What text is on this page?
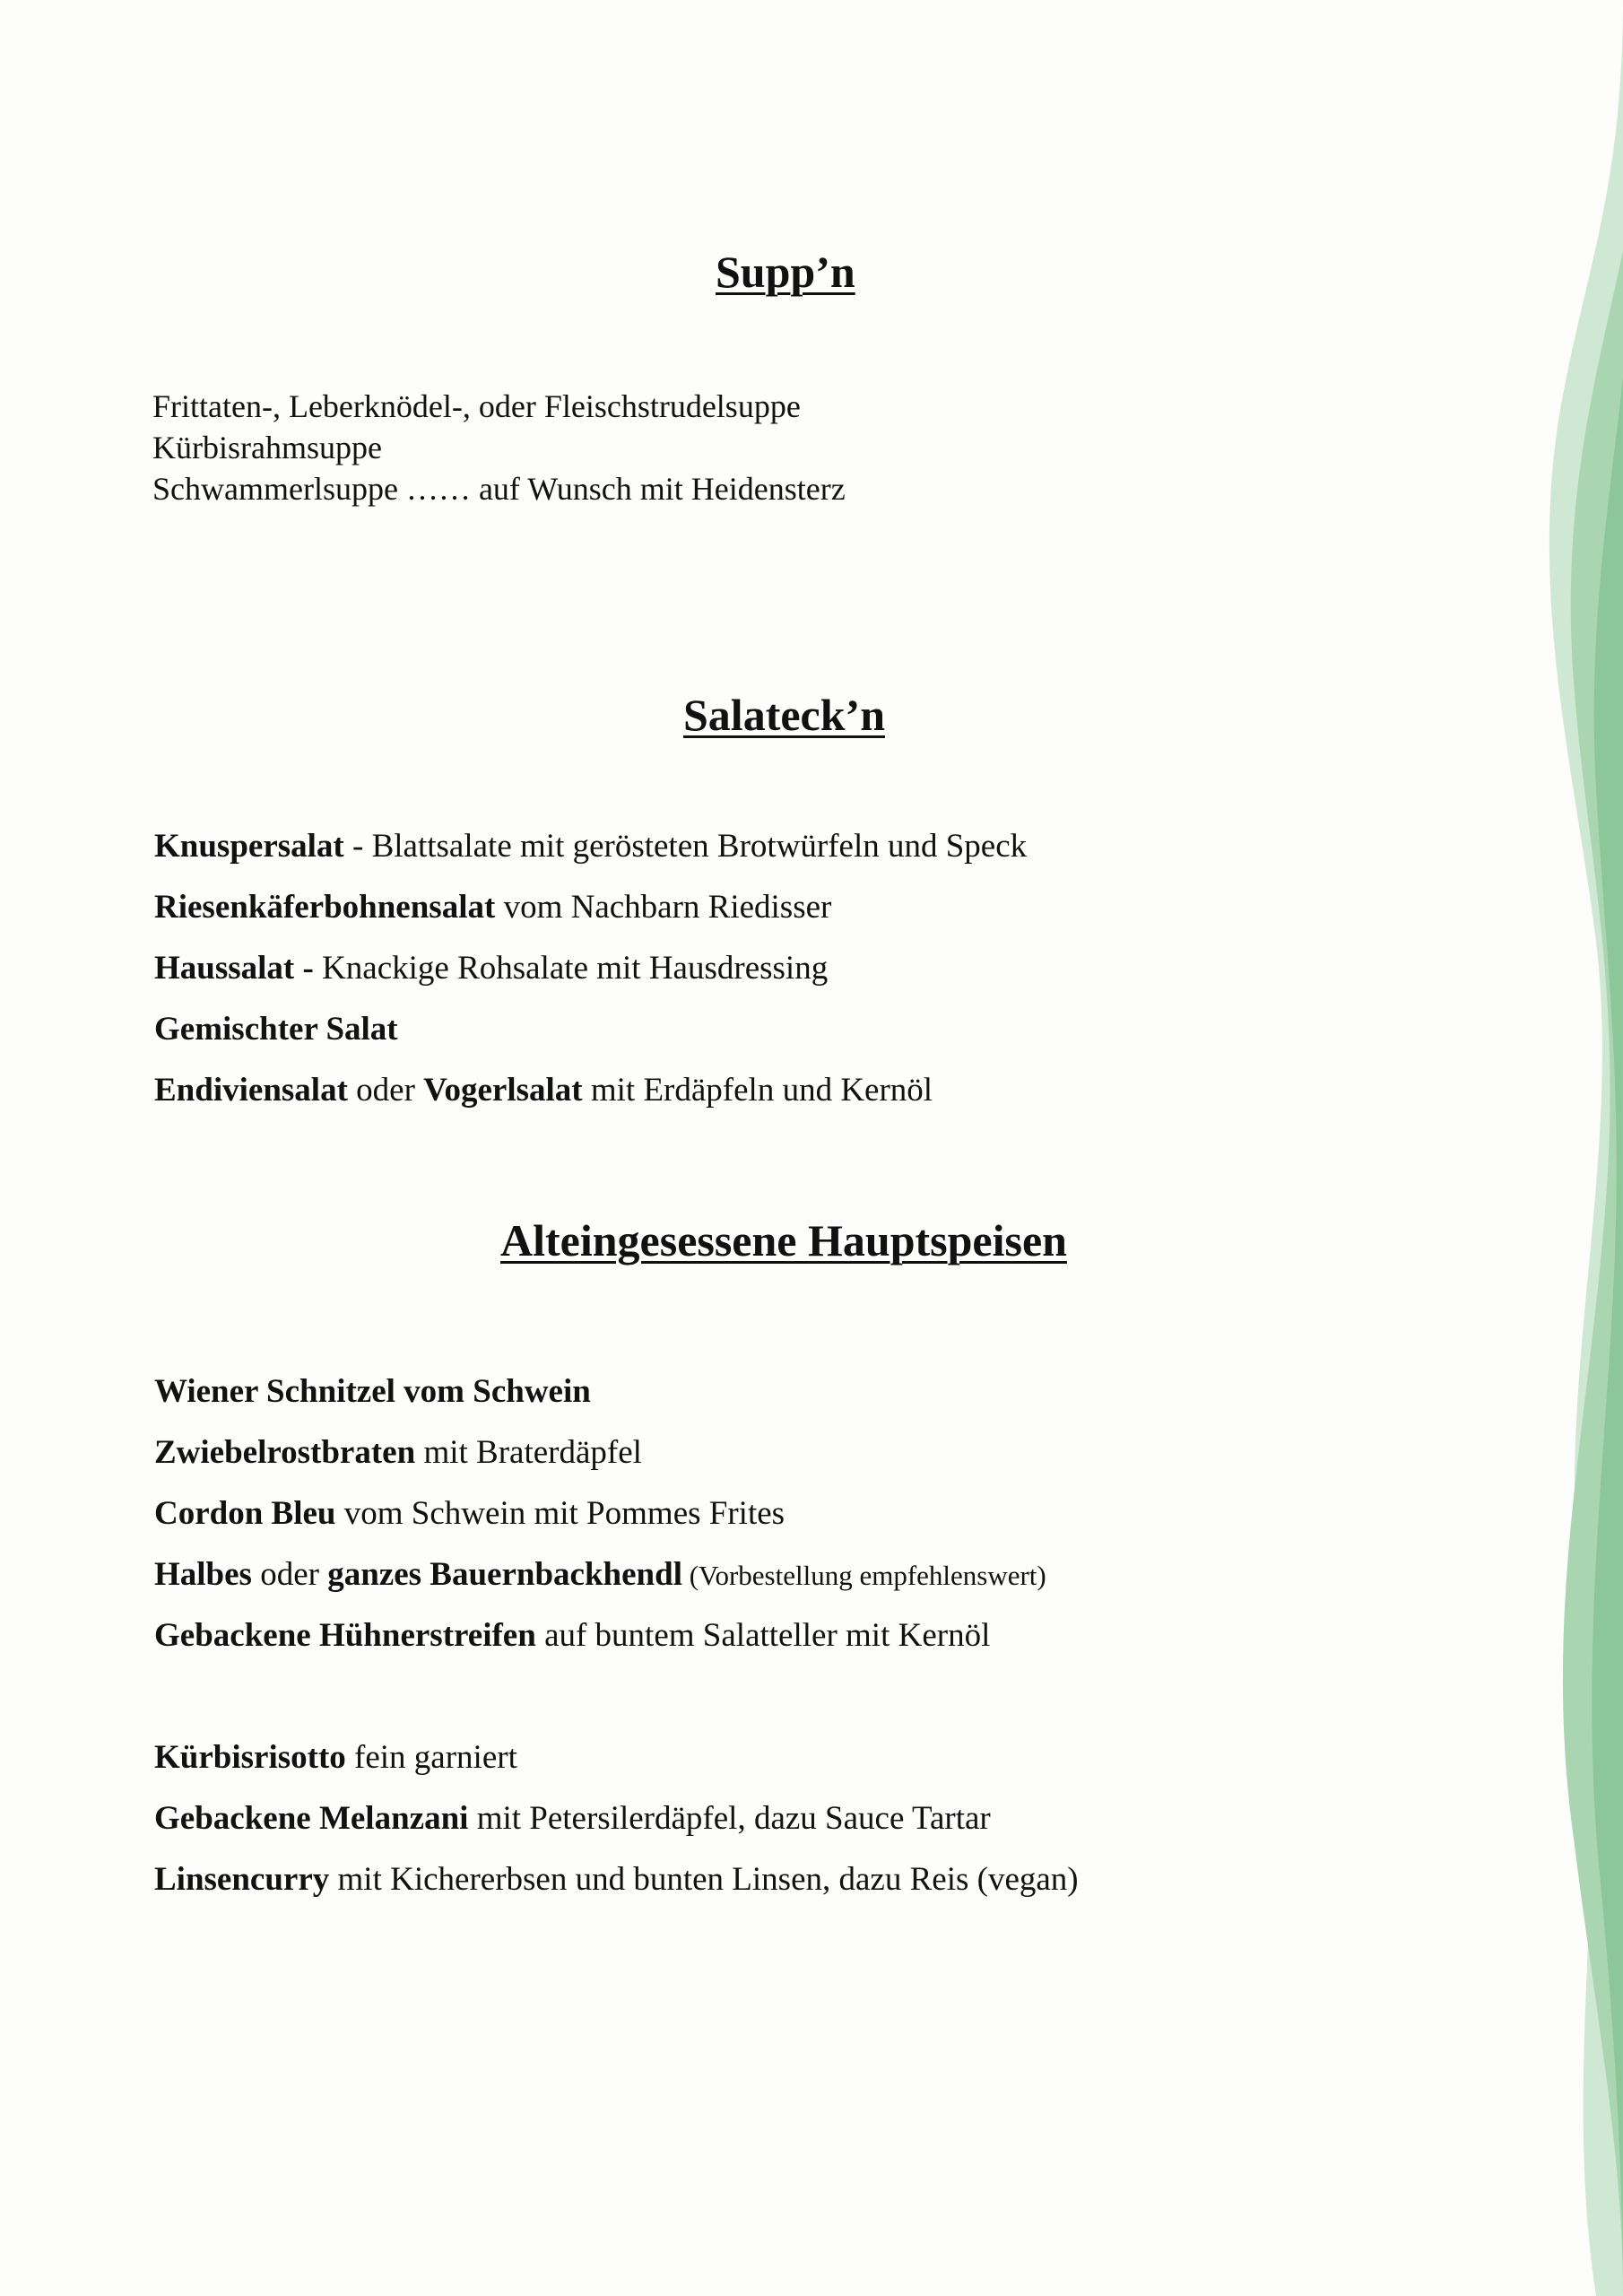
Supp’n
Frittaten-, Leberknödel-, oder Fleischstrudelsuppe
Kürbisrahmsuppe
Schwammerlsuppe …… auf Wunsch mit Heidensterz
Salateck’n
Knuspersalat - Blattsalate mit gerösteten Brotwürfeln und Speck
Riesenkäferbohnensalat vom Nachbarn Riedisser
Haussalat - Knackige Rohsalate mit Hausdressing
Gemischter Salat
Endiviensalat oder Vogerlsalat mit Erdäpfeln und Kernöl
Alteingesessene Hauptspeisen
Wiener Schnitzel vom Schwein
Zwiebelrostbraten mit Braterdäpfel
Cordon Bleu vom Schwein mit Pommes Frites
Halbes oder ganzes Bauernbackhendl (Vorbestellung empfehlenswert)
Gebackene Hühnerstreifen auf buntem Salatteller mit Kernöl
Kürbisrisotto fein garniert
Gebackene Melanzani mit Petersilerdäpfel, dazu Sauce Tartar
Linsencurry mit Kichererbsen und bunten Linsen, dazu Reis (vegan)
